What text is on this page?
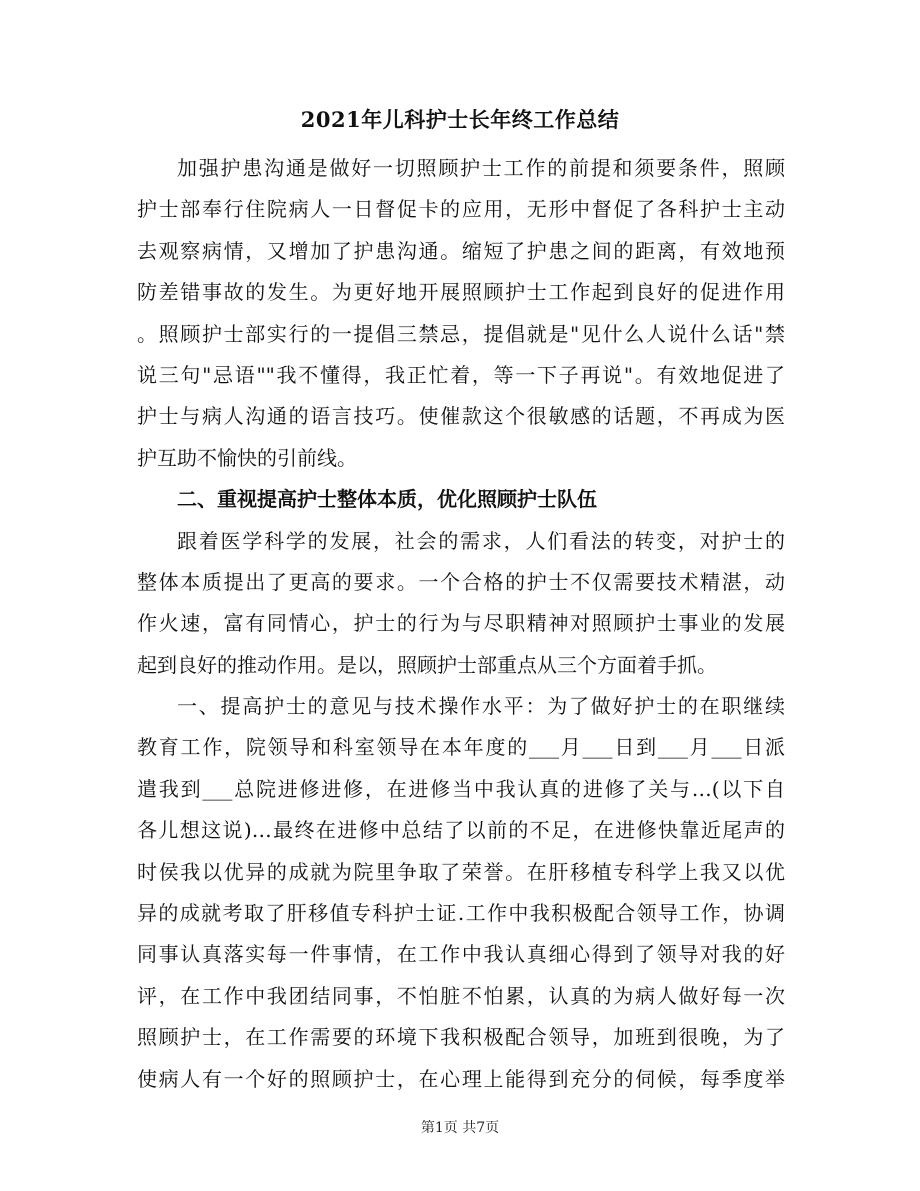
2021年儿科护士长年终工作总结
加强护患沟通是做好一切照顾护士工作的前提和须要条件，照顾
护士部奉行住院病人一日督促卡的应用，无形中督促了各科护士主动
去观察病情，又增加了护患沟通。缩短了护患之间的距离，有效地预
防差错事故的发生。为更好地开展照顾护士工作起到良好的促进作用
。照顾护士部实行的一提倡三禁忌，提倡就是"见什么人说什么话"禁
说三句"忌语""我不懂得，我正忙着，等一下子再说"。有效地促进了
护士与病人沟通的语言技巧。使催款这个很敏感的话题，不再成为医
护互助不愉快的引前线。
二、重视提高护士整体本质，优化照顾护士队伍
跟着医学科学的发展，社会的需求，人们看法的转变，对护士的
整体本质提出了更高的要求。一个合格的护士不仅需要技术精湛，动
作火速，富有同情心，护士的行为与尽职精神对照顾护士事业的发展
起到良好的推动作用。是以，照顾护士部重点从三个方面着手抓。
一、提高护士的意见与技术操作水平：为了做好护士的在职继续
教育工作，院领导和科室领导在本年度的___月___日到___月___日派
遣我到___总院进修进修，在进修当中我认真的进修了关与…(以下自
各儿想这说)…最终在进修中总结了以前的不足，在进修快靠近尾声的
时侯我以优异的成就为院里争取了荣誉。在肝移植专科学上我又以优
异的成就考取了肝移值专科护士证.工作中我积极配合领导工作，协调
同事认真落实每一件事情，在工作中我认真细心得到了领导对我的好
评，在工作中我团结同事，不怕脏不怕累，认真的为病人做好每一次
照顾护士，在工作需要的环境下我积极配合领导，加班到很晚，为了
使病人有一个好的照顾护士，在心理上能得到充分的伺候，每季度举
第1页 共7页
